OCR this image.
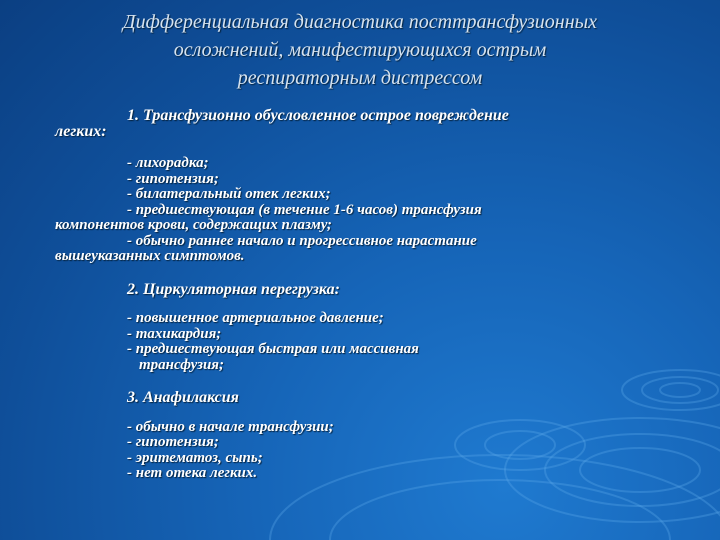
Дифференциальная диагностика посттрансфузионных
осложнений, манифестирующихся острым
респираторным дистрессом
1. Трансфузионно обусловленное острое повреждение
легких:
- лихорадка;
- гипотензия;
- билатеральный отек легких;
- предшествующая (в течение 1-6 часов) трансфузия
компонентов крови, содержащих плазму;
- обычно раннее начало и прогрессивное нарастание
вышеуказанных симптомов.
2. Циркуляторная перегрузка:
- повышенное артериальное давление;
- тахикардия;
- предшествующая быстрая или массивная
трансфузия;
3. Анафилаксия
- обычно в начале трансфузии;
- гипотензия;
- эритематоз, сыпь;
- нет отека легких.
